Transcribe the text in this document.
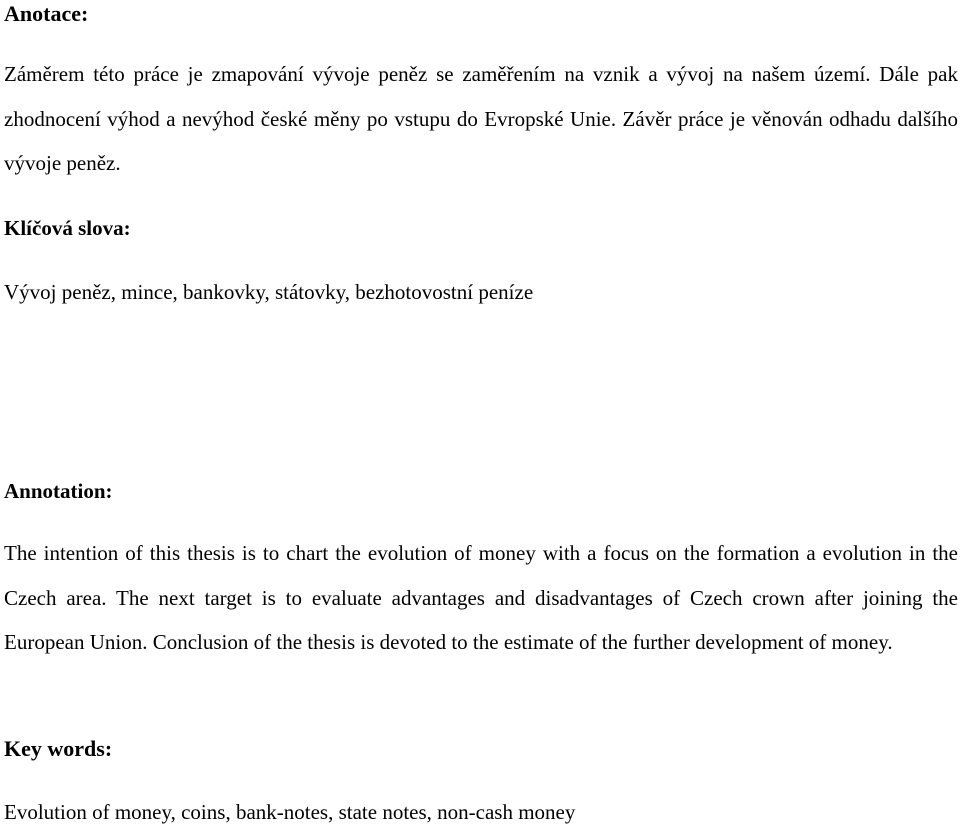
Anotace:

Záměrem této práce je zmapování vývoje peněz se zaměřením na vznik a vývoj na našem území. Dále pak zhodnocení výhod a nevýhod české měny po vstupu do Evropské Unie. Závěr práce je věnován odhadu dalšího vývoje peněz.

Klíčová slova:

Vývoj peněz, mince, bankovky, státovky, bezhotovostní peníze

Annotation:

The intention of this thesis is to chart the evolution of money with a focus on the formation a evolution in the Czech area. The next target is to evaluate advantages and disadvantages of Czech crown after joining the European Union. Conclusion of the thesis is devoted to the estimate of the further development of money.

Key words:

Evolution of money, coins, bank-notes, state notes, non-cash money
